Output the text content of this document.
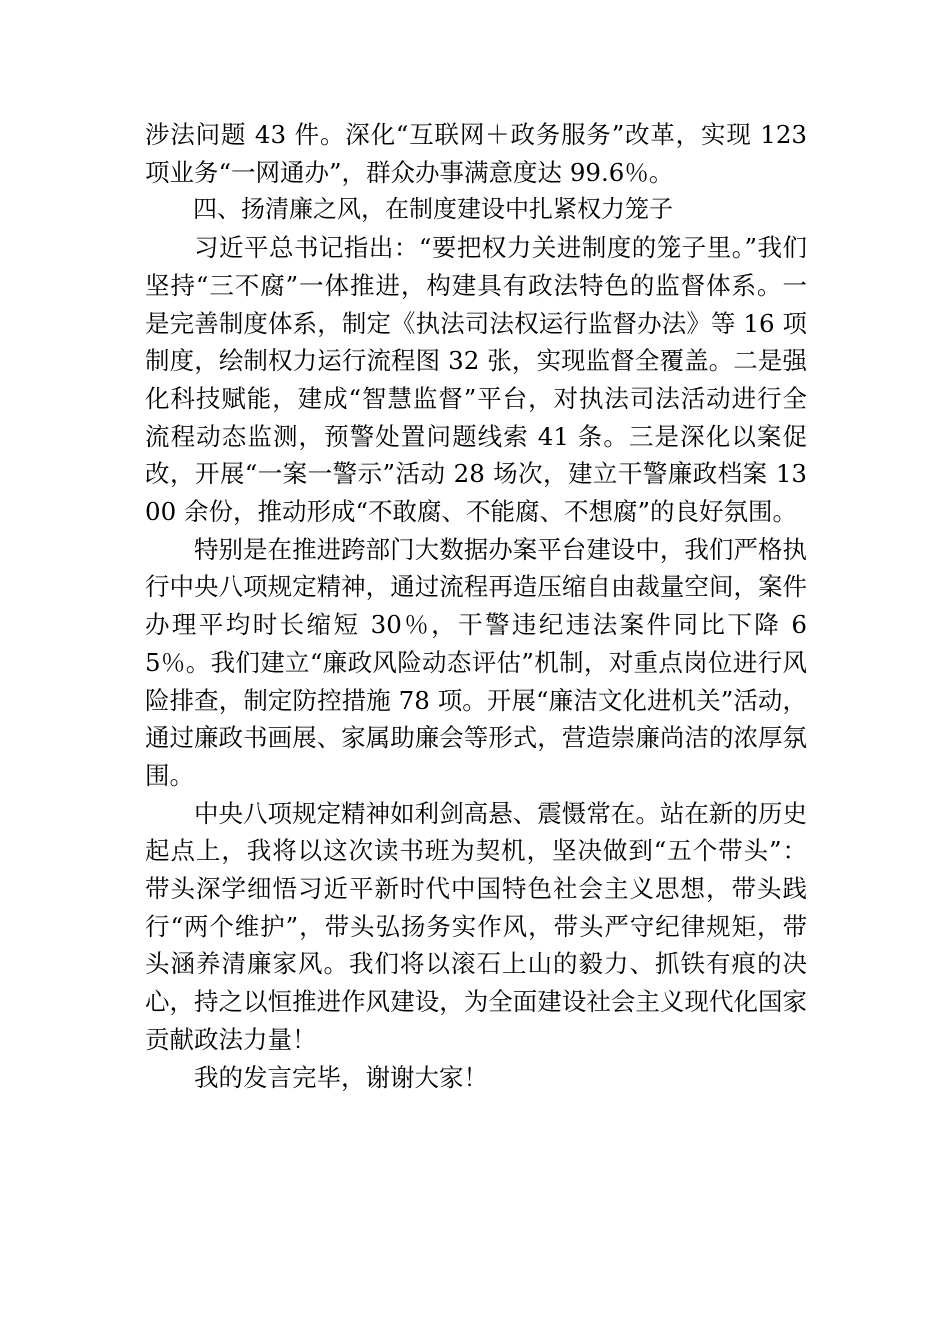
涉法问题 43 件。深化“互联网＋政务服务”改革，实现 123 项业务“一网通办”，群众办事满意度达 99.6％。

四、扬清廉之风，在制度建设中扎紧权力笼子

习近平总书记指出：“要把权力关进制度的笼子里。”我们坚持“三不腐”一体推进，构建具有政法特色的监督体系。一是完善制度体系，制定《执法司法权运行监督办法》等 16 项制度，绘制权力运行流程图 32 张，实现监督全覆盖。二是强化科技赋能，建成“智慧监督”平台，对执法司法活动进行全流程动态监测，预警处置问题线索 41 条。三是深化以案促改，开展“一案一警示”活动 28 场次，建立干警廉政档案 1300 余份，推动形成“不敢腐、不能腐、不想腐”的良好氛围。

特别是在推进跨部门大数据办案平台建设中，我们严格执行中央八项规定精神，通过流程再造压缩自由裁量空间，案件办理平均时长缩短 30％，干警违纪违法案件同比下降 65％。我们建立“廉政风险动态评估”机制，对重点岗位进行风险排查，制定防控措施 78 项。开展“廉洁文化进机关”活动，通过廉政书画展、家属助廉会等形式，营造崇廉尚洁的浓厚氛围。

中央八项规定精神如利剑高悬、震慑常在。站在新的历史起点上，我将以这次读书班为契机，坚决做到“五个带头”：带头深学细悟习近平新时代中国特色社会主义思想，带头践行“两个维护”，带头弘扬务实作风，带头严守纪律规矩，带头涵养清廉家风。我们将以滚石上山的毅力、抓铁有痕的决心，持之以恒推进作风建设，为全面建设社会主义现代化国家贡献政法力量！

我的发言完毕，谢谢大家！
